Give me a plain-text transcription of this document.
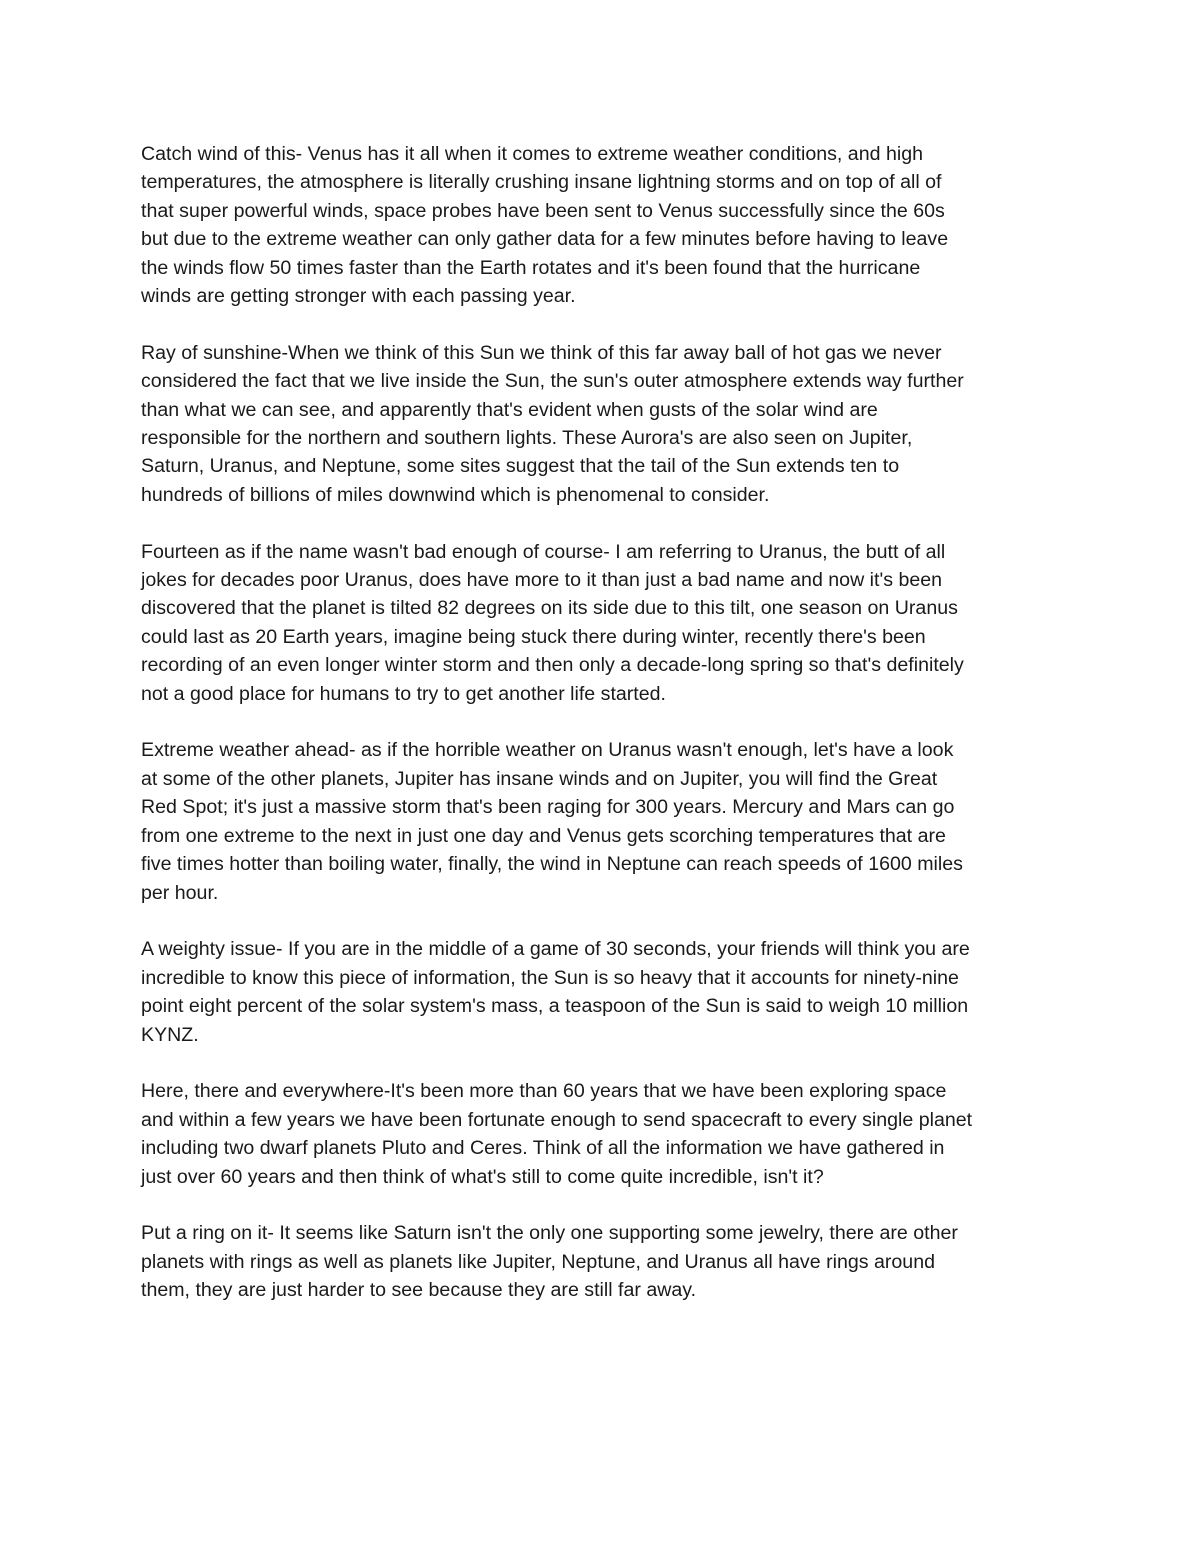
Catch wind of this- Venus has it all when it comes to extreme weather conditions, and high
temperatures, the atmosphere is literally crushing insane lightning storms and on top of all of
that super powerful winds, space probes have been sent to Venus successfully since the 60s
but due to the extreme weather can only gather data for a few minutes before having to leave
the winds flow 50 times faster than the Earth rotates and it's been found that the hurricane
winds are getting stronger with each passing year.

Ray of sunshine-When we think of this Sun we think of this far away ball of hot gas we never
considered the fact that we live inside the Sun, the sun's outer atmosphere extends way further
than what we can see, and apparently that's evident when gusts of the solar wind are
responsible for the northern and southern lights. These Aurora's are also seen on Jupiter,
Saturn, Uranus, and Neptune, some sites suggest that the tail of the Sun extends ten to
hundreds of billions of miles downwind which is phenomenal to consider.

Fourteen as if the name wasn't bad enough of course- I am referring to Uranus, the butt of all
jokes for decades poor Uranus, does have more to it than just a bad name and now it's been
discovered that the planet is tilted 82 degrees on its side due to this tilt, one season on Uranus
could last as 20 Earth years, imagine being stuck there during winter, recently there's been
recording of an even longer winter storm and then only a decade-long spring so that's definitely
not a good place for humans to try to get another life started.

Extreme weather ahead- as if the horrible weather on Uranus wasn't enough, let's have a look
at some of the other planets, Jupiter has insane winds and on Jupiter, you will find the Great
Red Spot; it's just a massive storm that's been raging for 300 years. Mercury and Mars can go
from one extreme to the next in just one day and Venus gets scorching temperatures that are
five times hotter than boiling water, finally, the wind in Neptune can reach speeds of 1600 miles
per hour.

A weighty issue- If you are in the middle of a game of 30 seconds, your friends will think you are
incredible to know this piece of information, the Sun is so heavy that it accounts for ninety-nine
point eight percent of the solar system's mass, a teaspoon of the Sun is said to weigh 10 million
KYNZ.

Here, there and everywhere-It's been more than 60 years that we have been exploring space
and within a few years we have been fortunate enough to send spacecraft to every single planet
including two dwarf planets Pluto and Ceres. Think of all the information we have gathered in
just over 60 years and then think of what's still to come quite incredible, isn't it?

Put a ring on it- It seems like Saturn isn't the only one supporting some jewelry, there are other
planets with rings as well as planets like Jupiter, Neptune, and Uranus all have rings around
them, they are just harder to see because they are still far away.
